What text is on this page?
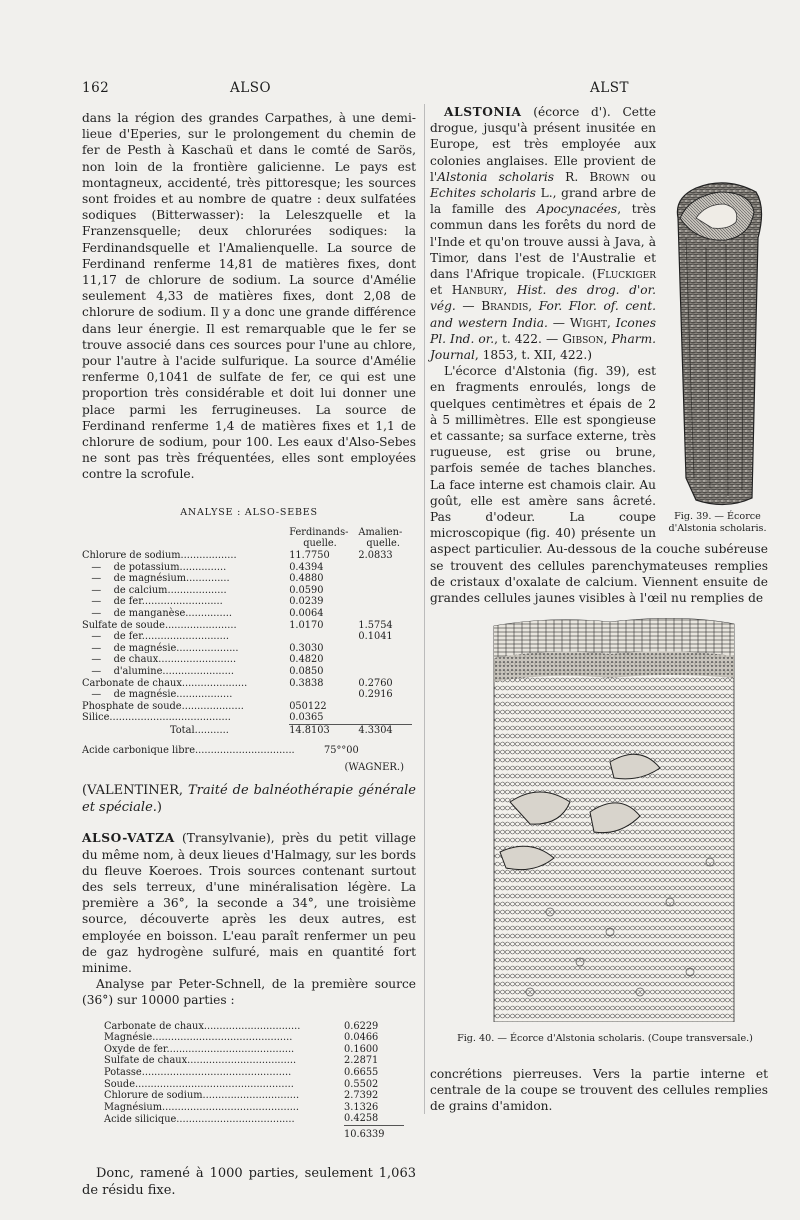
162	ALSO	ALST

dans la région des grandes Carpathes, à une demi-lieue d'Eperies, sur le prolongement du chemin de fer de Pesth à Kaschaü et dans le comté de Sarös, non loin de la frontière galicienne. Le pays est montagneux, accidenté, très pittoresque; les sources sont froides et au nombre de quatre : deux sulfatées sodiques (Bitterwasser): la Leleszquelle et la Franzensquelle; deux chlorurées sodiques: la Ferdinandsquelle et l'Amalienquelle. La source de Ferdinand renferme 14,81 de matières fixes, dont 11,17 de chlorure de sodium. La source d'Amélie seulement 4,33 de matières fixes, dont 2,08 de chlorure de sodium. Il y a donc une grande différence dans leur énergie. Il est remarquable que le fer se trouve associé dans ces sources pour l'une au chlore, pour l'autre à l'acide sulfurique. La source d'Amélie renferme 0,1041 de sulfate de fer, ce qui est une proportion très considérable et doit lui donner une place parmi les ferrugineuses. La source de Ferdinand renferme 1,4 de matières fixes et 1,1 de chlorure de sodium, pour 100. Les eaux d'Also-Sebes ne sont pas très fréquentées, elles sont employées contre la scrofule.

ANALYSE : ALSO-SEBES

	Ferdinands-	Amalien-
	quelle.	quelle.
Chlorure de sodium..................	11.7750	2.0833
—    de potassium...............	0.4394	
—    de magnésium..............	0.4880	
—    de calcium...................	0.0590	
—    de fer..........................	0.0239	
—    de manganèse...............	0.0064	
Sulfate de soude.......................	1.0170	1.5754
—    de fer............................		0.1041
—    de magnésie....................	0.3030	
—    de chaux.........................	0.4820	
—    d'alumine.......................	0.0850	
Carbonate de chaux.....................	0.3838	0.2760
—    de magnésie..................		0.2916
Phosphate de soude....................	050122	
Silice.......................................	0.0365	

Total...........	14.8103	4.3304
Acide carbonique libre................................	75°°00
(WAGNER.)

(VALENTINER, Traité de balnéothérapie générale et spéciale.)

ALSO-VATZA (Transylvanie), près du petit village du même nom, à deux lieues d'Halmagy, sur les bords du fleuve Koeroes. Trois sources contenant surtout des sels terreux, d'une minéralisation légère. La première a 36°, la seconde a 34°, une troisième source, découverte après les deux autres, est employée en boisson. L'eau paraît renfermer un peu de gaz hydrogène sulfuré, mais en quantité fort minime.

Analyse par Peter-Schnell, de la première source (36°) sur 10000 parties :

Carbonate de chaux...............................	0.6229
Magnésie.............................................	0.0466
Oxyde de fer.........................................	0.1600
Sulfate de chaux...................................	2.2871
Potasse................................................	0.6655
Soude...................................................	0.5502
Chlorure de sodium...............................	2.7392
Magnésium............................................	3.1326
Acide silicique......................................	0.4258

	10.6339

Donc, ramené à 1000 parties, seulement 1,063 de résidu fixe.

ALSTONIA (écorce d'). Cette drogue, jusqu'à présent inusitée en Europe, est très employée aux colonies anglaises. Elle provient de l'Alstonia scholaris R. Brown ou Echites scholaris L., grand arbre de la famille des Apocynacées, très commun dans les forêts du nord de l'Inde et qu'on trouve aussi à Java, à Timor, dans l'est de l'Australie et dans l'Afrique tropicale. (Fluckiger et Hanbury, Hist. des drog. d'or. vég. — Brandis, For. Flor. of. cent. and western India. — Wight, Icones Pl. Ind. or., t. 422. — Gibson, Pharm. Journal, 1853, t. XII, 422.)

L'écorce d'Alstonia (fig. 39), est en fragments enroulés, longs de quelques centimètres et épais de 2 à 5 millimètres. Elle est spongieuse et cassante; sa surface externe, très rugueuse, est grise ou brune, parfois semée de taches blanches. La face interne est chamois clair. Au goût, elle est amère sans âcreté. Pas d'odeur. La coupe microscopique (fig. 40) présente un aspect particulier. Au-dessous de la couche subéreuse se trouvent des cellules parenchymateuses remplies de cristaux d'oxalate de calcium. Viennent ensuite de grandes cellules jaunes visibles à l'œil nu remplies de

Fig. 39. — Écorce d'Alstonia scholaris.
Fig. 40. — Écorce d'Alstonia scholaris. (Coupe transversale.)

concrétions pierreuses. Vers la partie interne et centrale de la coupe se trouvent des cellules remplies de grains d'amidon.
